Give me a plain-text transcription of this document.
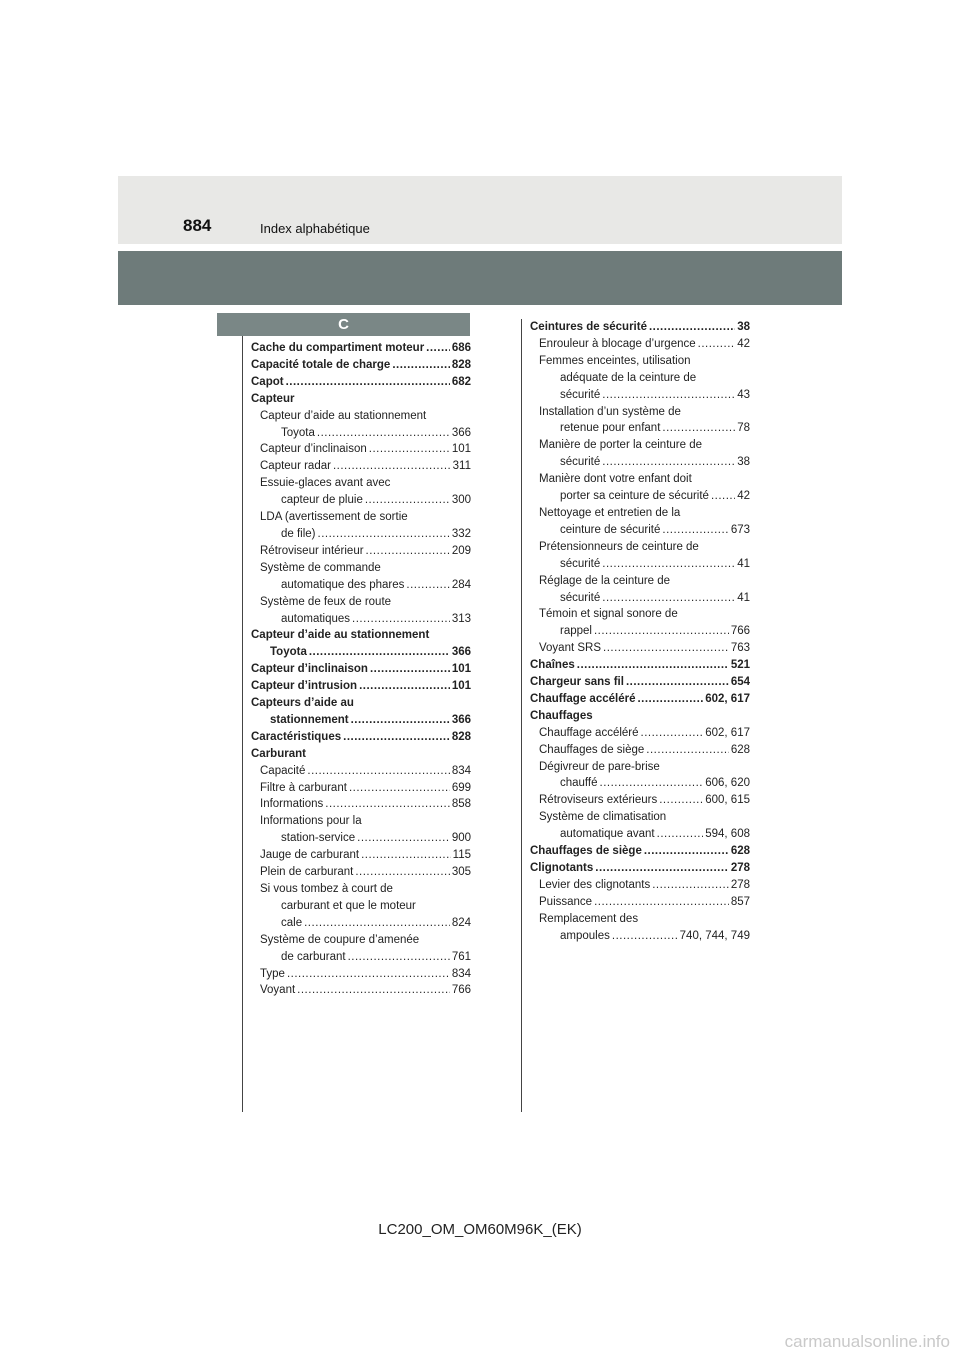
884	Index alphabétique
C
Cache du compartiment moteur ..... 686
Capacité totale de charge .....	828
Capot .....	682
Capteur
Capteur d’aide au stationnement
Toyota .....	366
Capteur d’inclinaison .....	101
Capteur radar .....	311
Essuie-glaces avant avec
capteur de pluie .....	300
LDA (avertissement de sortie
de file) .....	332
Rétroviseur intérieur .....	209
Système de commande
automatique des phares .....	284
Système de feux de route
automatiques .....	313
Capteur d’aide au stationnement
Toyota .....	366
Capteur d’inclinaison .....	101
Capteur d’intrusion .....	101
Capteurs d’aide au
stationnement .....	366
Caractéristiques .....	828
Carburant
Capacité .....	834
Filtre à carburant .....	699
Informations .....	858
Informations pour la
station-service .....	900
Jauge de carburant .....	115
Plein de carburant .....	305
Si vous tombez à court de
carburant et que le moteur
cale .....	824
Système de coupure d’amenée
de carburant .....	761
Type .....	834
Voyant .....	766
Ceintures de sécurité .....	38
Enrouleur à blocage d’urgence .....	42
Femmes enceintes, utilisation
adéquate de la ceinture de
sécurité .....	43
Installation d’un système de
retenue pour enfant .....	78
Manière de porter la ceinture de
sécurité .....	38
Manière dont votre enfant doit
porter sa ceinture de sécurité ..... 42
Nettoyage et entretien de la
ceinture de sécurité .....	673
Prétensionneurs de ceinture de
sécurité .....	41
Réglage de la ceinture de
sécurité .....	41
Témoin et signal sonore de
rappel .....	766
Voyant SRS .....	763
Chaînes .....	521
Chargeur sans fil .....	654
Chauffage accéléré .....	602, 617
Chauffages
Chauffage accéléré .....	602, 617
Chauffages de siège .....	628
Dégivreur de pare-brise
chauffé .....	606, 620
Rétroviseurs extérieurs .....	600, 615
Système de climatisation
automatique avant .....	594, 608
Chauffages de siège .....	628
Clignotants .....	278
Levier des clignotants .....	278
Puissance .....	857
Remplacement des
ampoules .....	740, 744, 749
LC200_OM_OM60M96K_(EK)
carmanualsonline.info
